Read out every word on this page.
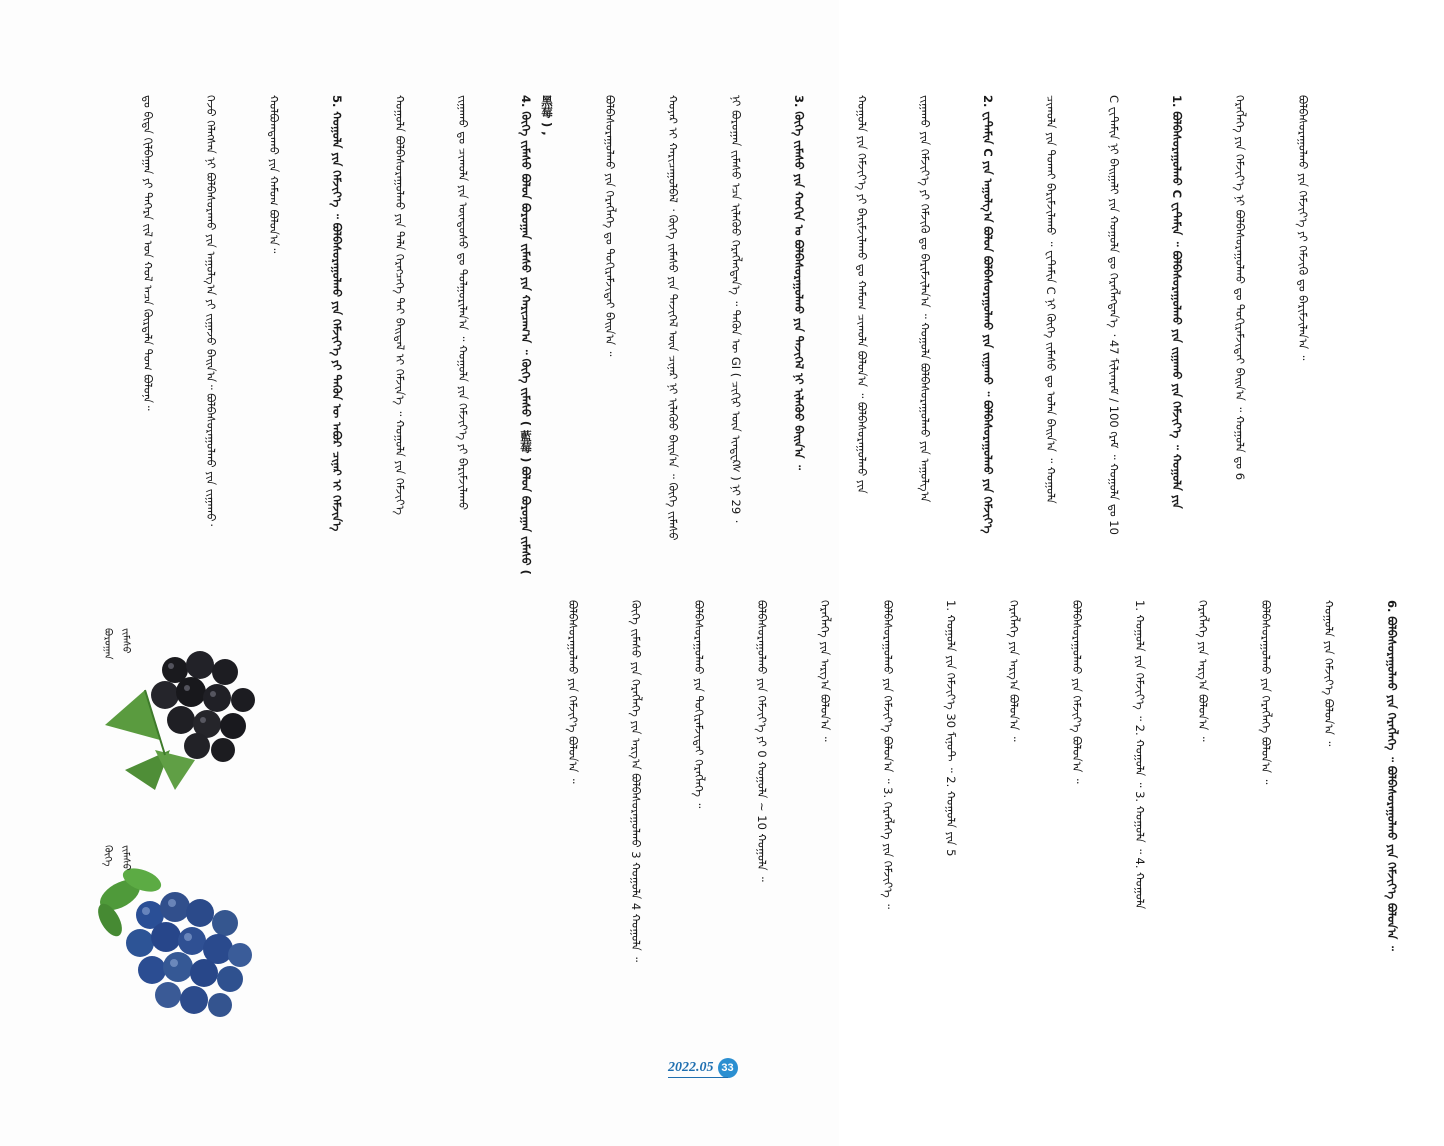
ᠳᠤ ᠪᠢᠳᠡ ᠭᠢᠯᠪᠠᠭᠠᠨ ᠶᠢ ᠳᠡᠭᠡᠷᠡ ᠵᠢᠯ ᠤᠨ ᠬᠣᠯ ᠠᠴᠠ ᠬᠦᠷᠲᠡᠯᠡ ᠳᠤᠭ ᠪᠣᠯᠤᠨᠠ᠃

	ᠭᠡᠵᠦ ᠬᠡᠯᠡᠭᠰᠡᠨ ᠨᠢ ᠪᠣᠯᠪᠠᠰᠤᠷᠠᠬᠤ ᠶᠢᠨ ᠠᠭᠤᠯᠭ᠎ᠠ ᠶᠢ ᠵᠢᠭᠠᠵᠤ ᠪᠠᠢᠨ᠎ᠠ᠃ ᠪᠣᠯᠪᠠᠰᠤᠷᠠᠭᠤᠯᠬᠤ ᠶᠢᠨ ᠵᠢᠭᠠᠬᠤ᠂

	ᠬᠣᠯᠪᠣᠭᠳᠠᠬᠤ ᠶᠢᠨ ᠬᠠᠮᠤᠭ ᠪᠣᠯᠤᠨ᠎ᠠ᠃

	5. ᠬᠣᠭᠣᠯᠠ ᠶᠢᠨ ᠬᠡᠮᠵᠢᠶ᠎ᠡ ᠃ ᠪᠣᠯᠪᠠᠰᠤᠷᠠᠭᠤᠯᠬᠤ ᠶᠢᠨ ᠬᠡᠮᠵᠢᠶ᠎ᠡ ᠶᠢ ᠲᠡᠭᠦᠨ ᠦ ᠠᠪᠤᠷ ᠴᠢᠨᠠᠷ ᠢ ᠬᠡᠮᠵᠢᠨ᠎ᠡ

	ᠬᠣᠭᠣᠯᠠ ᠪᠣᠯᠪᠠᠰᠤᠷᠠᠭᠤᠯᠬᠤ ᠶᠢᠨ ᠲᠡᠯᠡ ᠬᠡᠷᠡᠭᠴᠡᠭᠡ ᠲᠠᠢ ᠪᠠᠢᠳᠠᠯ ᠢ ᠬᠡᠮᠵᠢᠨ᠎ᠡ ᠃ ᠬᠣᠭᠣᠯᠠ ᠶᠢᠨ ᠬᠡᠮᠵᠢᠶ᠎ᠡ

	ᠵᠢᠭᠠᠬᠤ ᠳᠤ ᠴᠢᠬᠤᠯᠠ ᠶᠢᠨ ᠦᠨᠳᠦᠰᠦ ᠳᠤ ᠲᠤᠯᠭᠤᠷᠢᠯᠠᠨ᠎ᠠ ᠃ ᠬᠣᠭᠣᠯᠠ ᠶᠢᠨ ᠬᠡᠮᠵᠢᠶ᠎ᠡ ᠶᠢ ᠪᠠᠷᠢᠮᠵᠢᠯᠠᠬᠤ

	4. ᠬᠦᠬᠡ ᠵᠢᠮᠡᠰᠦ ᠪᠣᠯᠤᠨ ᠪᠣᠷᠣᠭᠠᠨ ᠵᠢᠮᠡᠰᠦ ᠶᠢᠨ ᠬᠠᠷᠢᠴᠠᠭ᠎ᠠ ᠃ ᠬᠦᠬᠡ ᠵᠢᠮᠡᠰᠦ ( 藍莓 ) ᠪᠣᠯᠤᠨ ᠪᠣᠷᠣᠭᠠᠨ ᠵᠢᠮᠡᠰᠦ ( 黑莓 ) ,

	ᠪᠣᠯᠪᠠᠰᠤᠷᠠᠭᠤᠯᠬᠤ ᠶᠢᠨ ᠬᠡᠷᠡᠭᠯᠡᠭᠡ ᠳᠤ ᠲᠣᠬᠢᠷᠠᠮᠵᠢᠲᠠᠢ ᠪᠠᠢᠨ᠎ᠠ ᠃

	ᠬᠣᠶᠠᠷ ᠢ ᠬᠠᠷᠢᠴᠠᠭᠤᠯᠪᠠᠯ ᠂ ᠬᠦᠬᠡ ᠵᠢᠮᠡᠰᠦ ᠶᠢᠨ ᠲᠡᠵᠢᠭᠡᠯ ᠦᠨ ᠴᠢᠨᠠᠷ ᠨᠢ ᠢᠯᠡᠭᠦᠦ ᠪᠠᠢᠨ᠎ᠠ ᠃ ᠬᠦᠬᠡ ᠵᠢᠮᠡᠰᠦ

	ᠨᠢ ᠪᠣᠷᠣᠭᠠᠨ ᠵᠢᠮᠡᠰᠦ ᠡᠴᠡ ᠢᠯᠡᠭᠦᠦ ᠬᠡᠷᠡᠭᠯᠡᠭᠳᠡᠨ᠎ᠡ ᠃ ᠲᠡᠭᠦᠨ ᠦ GI ( ᠴᠢᠬᠢᠷ ᠦᠨ ᠢᠨᠳᠧᠺᠰ ) ᠨᠢ 29 ᠂

	3. ᠬᠦᠬᠡ ᠵᠢᠮᠡᠰᠦ ᠶᠢᠨ ᠬᠣᠬᠢᠨ ᠤ ᠪᠣᠯᠪᠠᠰᠤᠷᠠᠭᠤᠯᠬᠤ ᠶᠢᠨ ᠲᠡᠵᠢᠭᠡᠯ ᠨᠢ ᠢᠯᠡᠭᠦᠦ ᠪᠠᠢᠨ᠎ᠠ ᠃

	ᠬᠣᠭᠣᠯᠠ ᠶᠢᠨ ᠬᠡᠮᠵᠢᠶ᠎ᠡ ᠶᠢ ᠪᠠᠷᠢᠮᠵᠢᠯᠠᠬᠤ ᠳᠤ ᠬᠠᠮᠤᠭ ᠴᠢᠬᠤᠯᠠ ᠪᠣᠯᠤᠨ᠎ᠠ ᠃ ᠪᠣᠯᠪᠠᠰᠤᠷᠠᠭᠤᠯᠬᠤ ᠶᠢᠨ

	ᠵᠢᠭᠠᠬᠤ ᠶᠢᠨ ᠬᠡᠮᠵᠢᠶ᠎ᠡ ᠶᠢ ᠬᠡᠮᠵᠢᠬᠦ ᠳᠤ ᠪᠠᠷᠢᠮᠵᠢᠯᠠᠨ᠎ᠠ ᠃ ᠬᠣᠭᠣᠯᠠ ᠪᠣᠯᠪᠠᠰᠤᠷᠠᠭᠤᠯᠬᠤ ᠶᠢᠨ ᠠᠭᠤᠯᠭ᠎ᠠ

	2. ᠸᠢᠲ᠋ᠠᠮᠢᠨ C ᠶᠢᠨ ᠠᠭᠤᠯᠭ᠎ᠠ ᠪᠣᠯᠤᠨ ᠪᠣᠯᠪᠠᠰᠤᠷᠠᠭᠤᠯᠬᠤ ᠶᠢᠨ ᠵᠢᠭᠠᠬᠤ ᠃ ᠪᠣᠯᠪᠠᠰᠤᠷᠠᠭᠤᠯᠬᠤ ᠶᠢᠨ ᠬᠡᠮᠵᠢᠶ᠎ᠡ

	ᠴᠢᠬᠤᠯᠠ ᠶᠢᠨ ᠲᠤᠬᠠᠢ ᠪᠠᠷᠢᠮᠵᠢᠯᠠᠬᠤ ᠃ ᠸᠢᠲ᠋ᠠᠮᠢᠨ C ᠨᠢ ᠬᠦᠬᠡ ᠵᠢᠮᠡᠰᠦ ᠳᠤ ᠣᠯᠠᠨ ᠪᠠᠢᠨ᠎ᠠ ᠃ ᠬᠣᠭᠣᠯᠠ

	C ᠸᠢᠲ᠋ᠠᠮᠢᠨ ᠨᠢ ᠪᠠᠢᠭᠠᠯᠢ ᠶᠢᠨ ᠬᠣᠭᠣᠯᠠ ᠳᠤ ᠬᠡᠷᠡᠭᠯᠡᠭᠳᠡᠨ᠎ᠡ ᠂ 47 ᠮᠢᠯᠢᠭᠷᠠᠮ / 100 ᠭᠷᠠᠮ ᠃ ᠬᠣᠭᠣᠯᠠ ᠳᠤ 10

	1. ᠪᠣᠯᠪᠠᠰᠤᠷᠠᠭᠤᠯᠬᠤ C ᠸᠢᠲ᠋ᠠᠮᠢᠨ ᠃ ᠪᠣᠯᠪᠠᠰᠤᠷᠠᠭᠤᠯᠬᠤ ᠶᠢᠨ ᠵᠢᠭᠠᠬᠤ ᠶᠢᠨ ᠬᠡᠮᠵᠢᠶ᠎ᠡ ᠃ ᠬᠣᠭᠣᠯᠠ ᠶᠢᠨ

	ᠬᠡᠷᠡᠭᠯᠡᠭᠡ ᠶᠢᠨ ᠬᠡᠮᠵᠢᠶ᠎ᠡ ᠨᠢ ᠪᠣᠯᠪᠠᠰᠤᠷᠠᠭᠤᠯᠬᠤ ᠳᠤ ᠲᠣᠬᠢᠷᠠᠮᠵᠢᠲᠠᠢ ᠪᠠᠢᠨ᠎ᠠ ᠃ ᠬᠣᠭᠣᠯᠠ ᠳᠤ 6

	ᠪᠣᠯᠪᠠᠰᠤᠷᠠᠭᠤᠯᠬᠤ ᠶᠢᠨ ᠬᠡᠮᠵᠢᠶ᠎ᠡ ᠶᠢ ᠬᠡᠮᠵᠢᠬᠦ ᠳᠤ ᠪᠠᠷᠢᠮᠵᠢᠯᠠᠨ᠎ᠠ ᠃

ᠪᠣᠯᠪᠠᠰᠤᠷᠠᠭᠤᠯᠬᠤ ᠶᠢᠨ ᠬᠡᠮᠵᠢᠶ᠎ᠡ ᠪᠣᠯᠤᠨ᠎ᠠ ᠃

	ᠬᠦᠬᠡ ᠵᠢᠮᠡᠰᠦ ᠶᠢᠨ ᠬᠡᠷᠡᠭᠯᠡᠭᠡ ᠶᠢᠨ ᠠᠷᠭ᠎ᠠ ᠪᠣᠯᠪᠠᠰᠤᠷᠠᠭᠤᠯᠬᠤ 3 ᠬᠣᠭᠣᠯᠠ 4 ᠬᠣᠭᠣᠯᠠ ᠃

	ᠪᠣᠯᠪᠠᠰᠤᠷᠠᠭᠤᠯᠬᠤ ᠶᠢᠨ ᠲᠣᠬᠢᠷᠠᠮᠵᠢᠲᠠᠢ ᠬᠡᠷᠡᠭᠯᠡᠭᠡ ᠃

	ᠪᠣᠯᠪᠠᠰᠤᠷᠠᠭᠤᠯᠬᠤ ᠶᠢᠨ ᠬᠡᠮᠵᠢᠶ᠎ᠡ ᠶᠢ 0 ᠬᠣᠭᠣᠯᠠ ~ 10 ᠬᠣᠭᠣᠯᠠ ᠃

	ᠬᠡᠷᠡᠭᠯᠡᠭᠡ ᠶᠢᠨ ᠠᠷᠭ᠎ᠠ ᠪᠣᠯᠤᠨ᠎ᠠ ᠃

	ᠪᠣᠯᠪᠠᠰᠤᠷᠠᠭᠤᠯᠬᠤ ᠶᠢᠨ ᠬᠡᠮᠵᠢᠶ᠎ᠡ ᠪᠣᠯᠤᠨ᠎ᠠ ᠃ 3. ᠬᠡᠷᠡᠭᠯᠡᠭᠡ ᠶᠢᠨ ᠬᠡᠮᠵᠢᠶ᠎ᠡ ᠃

	1. ᠬᠣᠭᠣᠯᠠ ᠶᠢᠨ ᠬᠡᠮᠵᠢᠶ᠎ᠡ 30 ᠮᠢᠨᠦᠲ ᠃ 2. ᠬᠣᠭᠣᠯᠠ ᠶᠢᠨ 5

	ᠬᠡᠷᠡᠭᠯᠡᠭᠡ ᠶᠢᠨ ᠠᠷᠭ᠎ᠠ ᠪᠣᠯᠤᠨ᠎ᠠ ᠃

	ᠪᠣᠯᠪᠠᠰᠤᠷᠠᠭᠤᠯᠬᠤ ᠶᠢᠨ ᠬᠡᠮᠵᠢᠶ᠎ᠡ ᠪᠣᠯᠤᠨ᠎ᠠ ᠃

	1. ᠬᠣᠭᠣᠯᠠ ᠶᠢᠨ ᠬᠡᠮᠵᠢᠶ᠎ᠡ ᠃ 2. ᠬᠣᠭᠣᠯᠠ ᠃ 3. ᠬᠣᠭᠣᠯᠠ ᠃ 4. ᠬᠣᠭᠣᠯᠠ

	ᠬᠡᠷᠡᠭᠯᠡᠭᠡ ᠶᠢᠨ ᠠᠷᠭ᠎ᠠ ᠪᠣᠯᠤᠨ᠎ᠠ ᠃

	ᠪᠣᠯᠪᠠᠰᠤᠷᠠᠭᠤᠯᠬᠤ ᠶᠢᠨ ᠬᠡᠷᠡᠭᠯᠡᠭᠡ ᠪᠣᠯᠤᠨ᠎ᠠ ᠃

	ᠬᠣᠭᠣᠯᠠ ᠶᠢᠨ ᠬᠡᠮᠵᠢᠶ᠎ᠡ ᠪᠣᠯᠤᠨ᠎ᠠ ᠃

	6. ᠪᠣᠯᠪᠠᠰᠤᠷᠠᠭᠤᠯᠬᠤ ᠶᠢᠨ ᠬᠡᠷᠡᠭᠯᠡᠭᠡ ᠃ ᠪᠣᠯᠪᠠᠰᠤᠷᠠᠭᠤᠯᠬᠤ ᠶᠢᠨ ᠬᠡᠮᠵᠢᠶ᠎ᠡ ᠪᠣᠯᠤᠨ᠎ᠠ ᠃

ᠬᠦᠬᠡ ᠵᠢᠮᠡᠰᠦ
ᠪᠣᠷᠣᠭᠠᠨ ᠵᠢᠮᠡᠰᠦ
2022.05 33
